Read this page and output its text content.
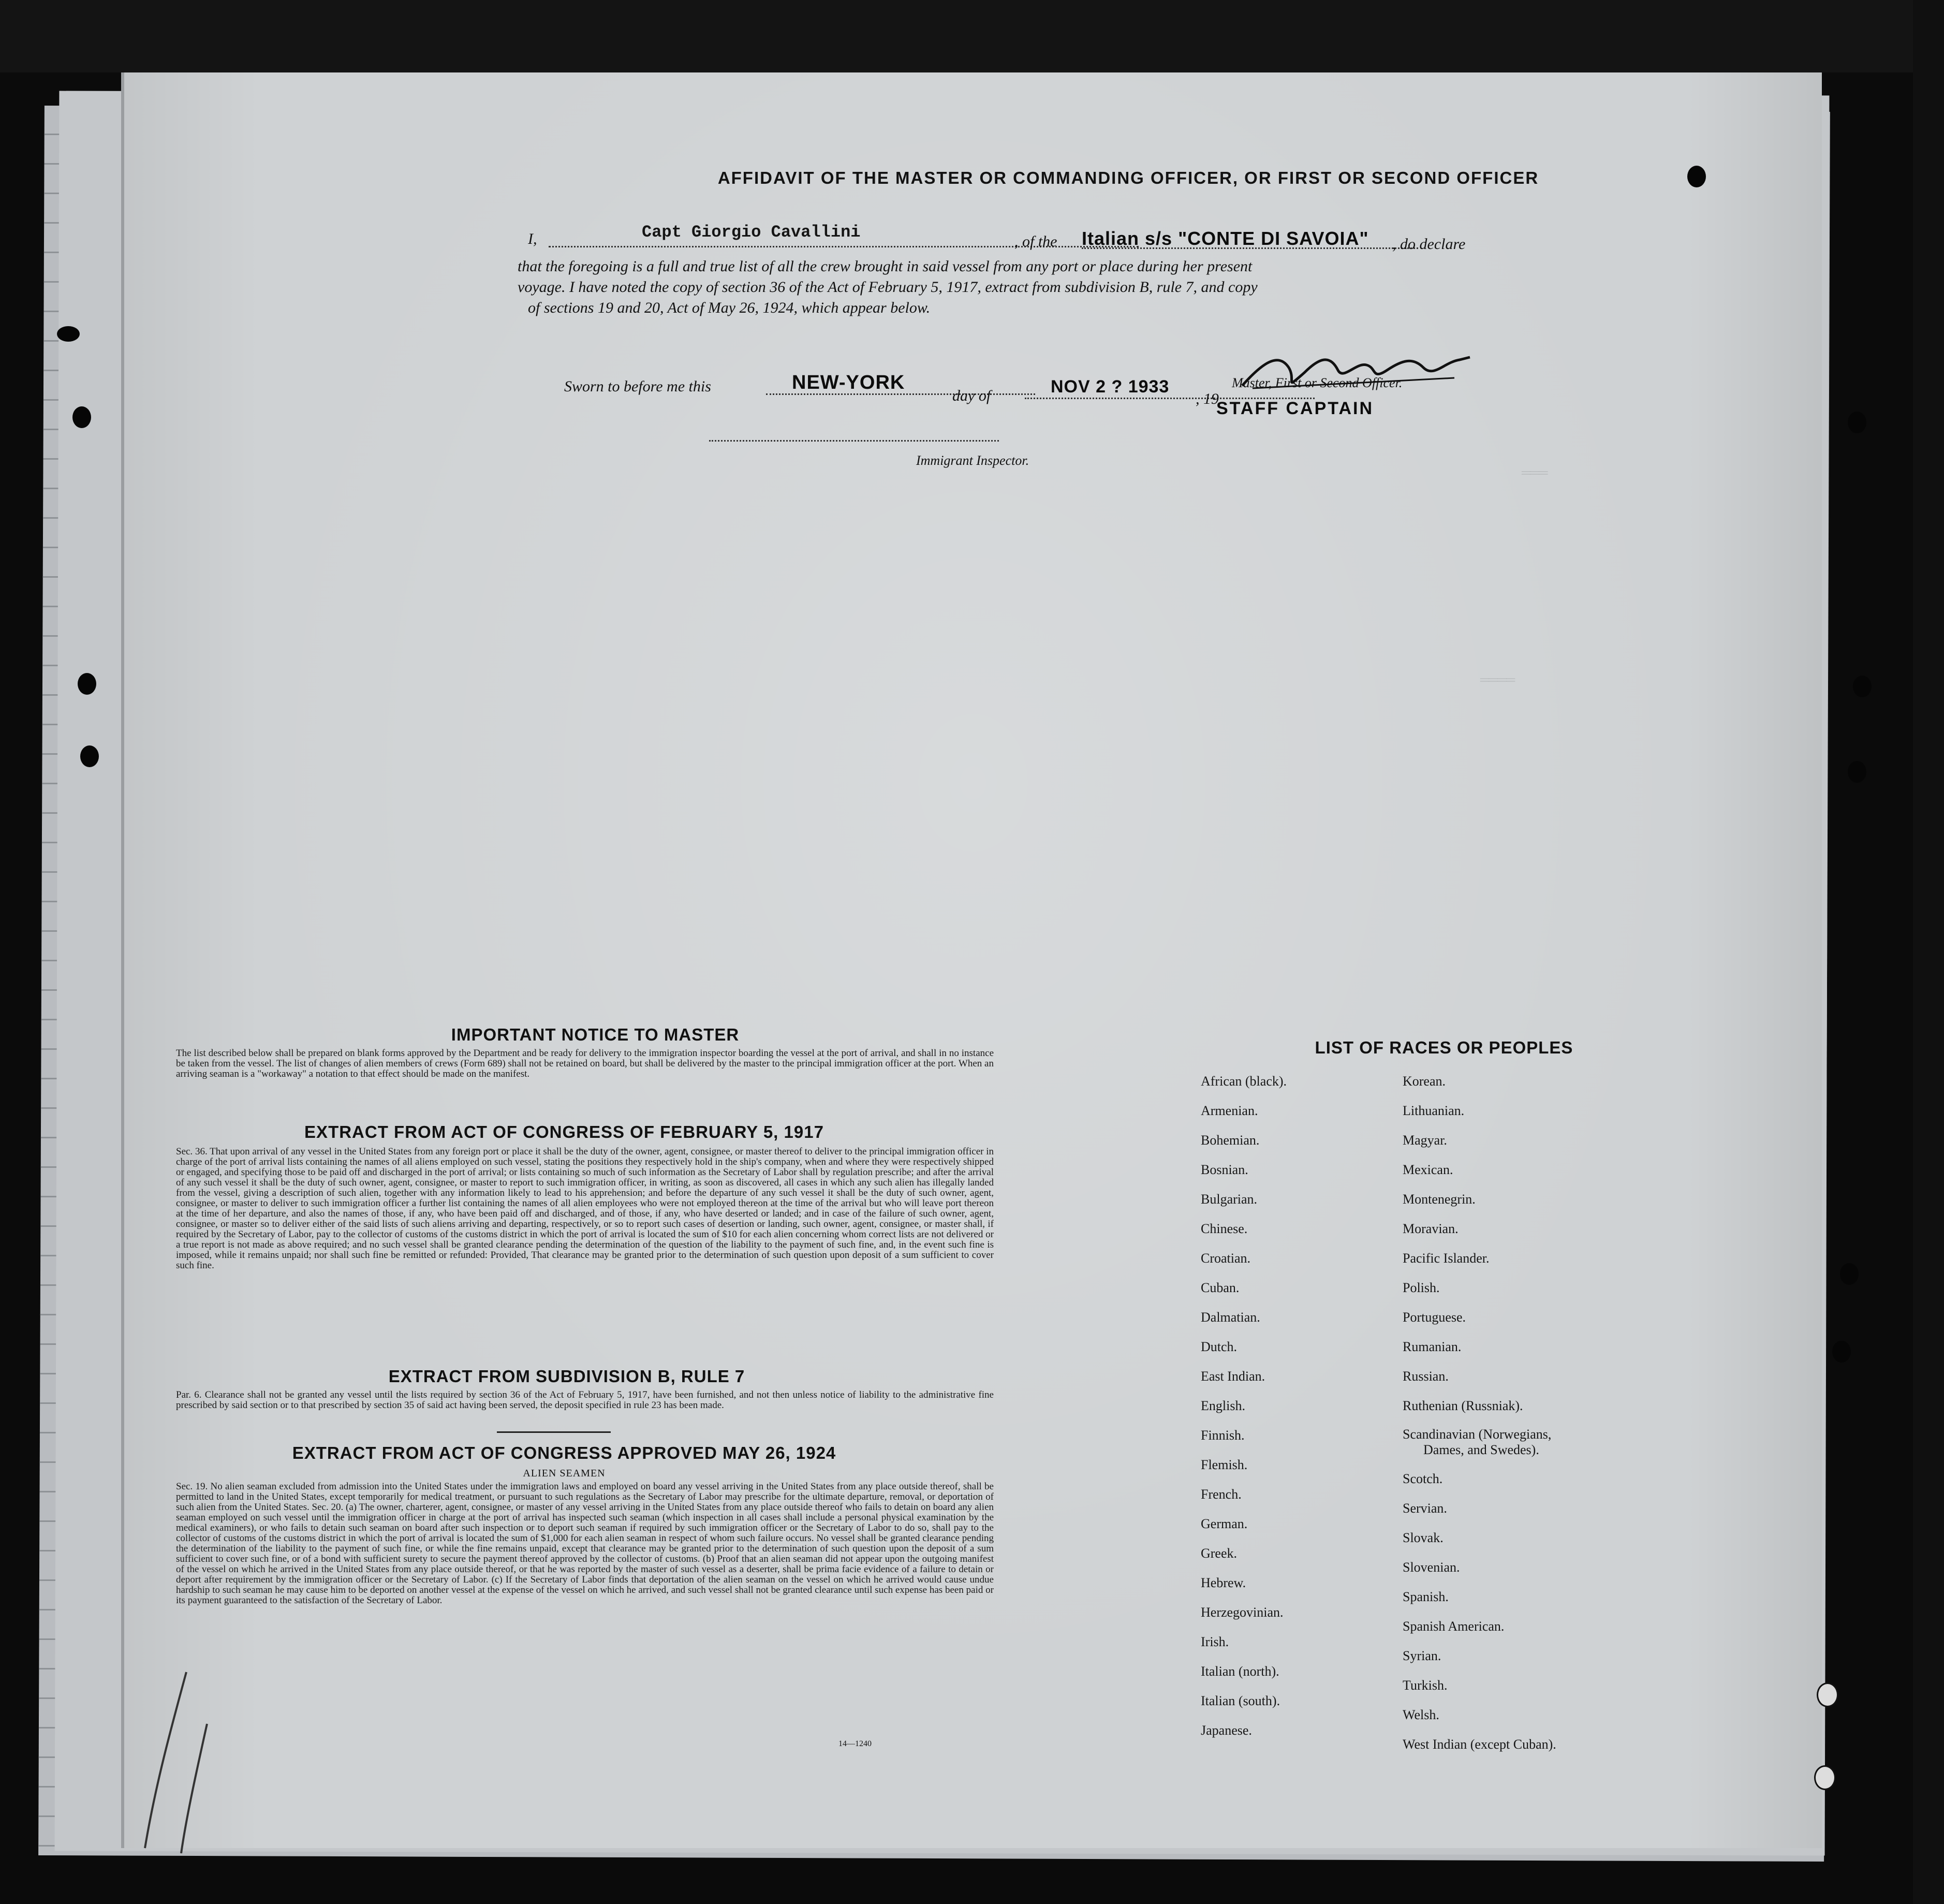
═══
════
AFFIDAVIT OF THE MASTER OR COMMANDING OFFICER, OR FIRST OR SECOND OFFICER
I,	Capt Giorgio Cavallini	, of the Italian s/s "CONTE DI SAVOIA" , do declare
that the foregoing is a full and true list of all the crew brought in said vessel from any port or place during her present
voyage. I have noted the copy of section 36 of the Act of February 5, 1917, extract from subdivision B, rule 7, and copy
of sections 19 and 20, Act of May 26, 1924, which appear below.
Sworn to before me this	NEW-YORK
day of	NOV 2 ? 1933
, 19
Master, First or Second Officer.
STAFF CAPTAIN
Immigrant Inspector.
IMPORTANT NOTICE TO MASTER
The list described below shall be prepared on blank forms approved by the Department and be ready for delivery to the immigration inspector boarding the vessel at the port of arrival, and shall in no instance be taken from the vessel. The list of changes of alien members of crews (Form 689) shall not be retained on board, but shall be delivered by the master to the principal immigration officer at the port. When an arriving seaman is a "workaway" a notation to that effect should be made on the manifest.
EXTRACT FROM ACT OF CONGRESS OF FEBRUARY 5, 1917
Sec. 36. That upon arrival of any vessel in the United States from any foreign port or place it shall be the duty of the owner, agent, consignee, or master thereof to deliver to the principal immigration officer in charge of the port of arrival lists containing the names of all aliens employed on such vessel, stating the positions they respectively hold in the ship's company, when and where they were respectively shipped or engaged, and specifying those to be paid off and discharged in the port of arrival; or lists containing so much of such information as the Secretary of Labor shall by regulation prescribe; and after the arrival of any such vessel it shall be the duty of such owner, agent, consignee, or master to report to such immigration officer, in writing, as soon as discovered, all cases in which any such alien has illegally landed from the vessel, giving a description of such alien, together with any information likely to lead to his apprehension; and before the departure of any such vessel it shall be the duty of such owner, agent, consignee, or master to deliver to such immigration officer a further list containing the names of all alien employees who were not employed thereon at the time of the arrival but who will leave port thereon at the time of her departure, and also the names of those, if any, who have been paid off and discharged, and of those, if any, who have deserted or landed; and in case of the failure of such owner, agent, consignee, or master so to deliver either of the said lists of such aliens arriving and departing, respectively, or so to report such cases of desertion or landing, such owner, agent, consignee, or master shall, if required by the Secretary of Labor, pay to the collector of customs of the customs district in which the port of arrival is located the sum of $10 for each alien concerning whom correct lists are not delivered or a true report is not made as above required; and no such vessel shall be granted clearance pending the determination of the question of the liability to the payment of such fine, and, in the event such fine is imposed, while it remains unpaid; nor shall such fine be remitted or refunded: Provided, That clearance may be granted prior to the determination of such question upon deposit of a sum sufficient to cover such fine.
EXTRACT FROM SUBDIVISION B, RULE 7
Par. 6. Clearance shall not be granted any vessel until the lists required by section 36 of the Act of February 5, 1917, have been furnished, and not then unless notice of liability to the administrative fine prescribed by said section or to that prescribed by section 35 of said act having been served, the deposit specified in rule 23 has been made.
EXTRACT FROM ACT OF CONGRESS APPROVED MAY 26, 1924
ALIEN SEAMEN
Sec. 19. No alien seaman excluded from admission into the United States under the immigration laws and employed on board any vessel arriving in the United States from any place outside thereof, shall be permitted to land in the United States, except temporarily for medical treatment, or pursuant to such regulations as the Secretary of Labor may prescribe for the ultimate departure, removal, or deportation of such alien from the United States. Sec. 20. (a) The owner, charterer, agent, consignee, or master of any vessel arriving in the United States from any place outside thereof who fails to detain on board any alien seaman employed on such vessel until the immigration officer in charge at the port of arrival has inspected such seaman (which inspection in all cases shall include a personal physical examination by the medical examiners), or who fails to detain such seaman on board after such inspection or to deport such seaman if required by such immigration officer or the Secretary of Labor to do so, shall pay to the collector of customs of the customs district in which the port of arrival is located the sum of $1,000 for each alien seaman in respect of whom such failure occurs. No vessel shall be granted clearance pending the determination of the liability to the payment of such fine, or while the fine remains unpaid, except that clearance may be granted prior to the determination of such question upon the deposit of a sum sufficient to cover such fine, or of a bond with sufficient surety to secure the payment thereof approved by the collector of customs. (b) Proof that an alien seaman did not appear upon the outgoing manifest of the vessel on which he arrived in the United States from any place outside thereof, or that he was reported by the master of such vessel as a deserter, shall be prima facie evidence of a failure to detain or deport after requirement by the immigration officer or the Secretary of Labor. (c) If the Secretary of Labor finds that deportation of the alien seaman on the vessel on which he arrived would cause undue hardship to such seaman he may cause him to be deported on another vessel at the expense of the vessel on which he arrived, and such vessel shall not be granted clearance until such expense has been paid or its payment guaranteed to the satisfaction of the Secretary of Labor.
14—1240
LIST OF RACES OR PEOPLES
African (black).
Armenian.
Bohemian.
Bosnian.
Bulgarian.
Chinese.
Croatian.
Cuban.
Dalmatian.
Dutch.
East Indian.
English.
Finnish.
Flemish.
French.
German.
Greek.
Hebrew.
Herzegovinian.
Irish.
Italian (north).
Italian (south).
Japanese.
Korean.
Lithuanian.
Magyar.
Mexican.
Montenegrin.
Moravian.
Pacific Islander.
Polish.
Portuguese.
Rumanian.
Russian.
Ruthenian (Russniak).
Scandinavian (Norwegians,
Dames, and Swedes).
Scotch.
Servian.
Slovak.
Slovenian.
Spanish.
Spanish American.
Syrian.
Turkish.
Welsh.
West Indian (except Cuban).
